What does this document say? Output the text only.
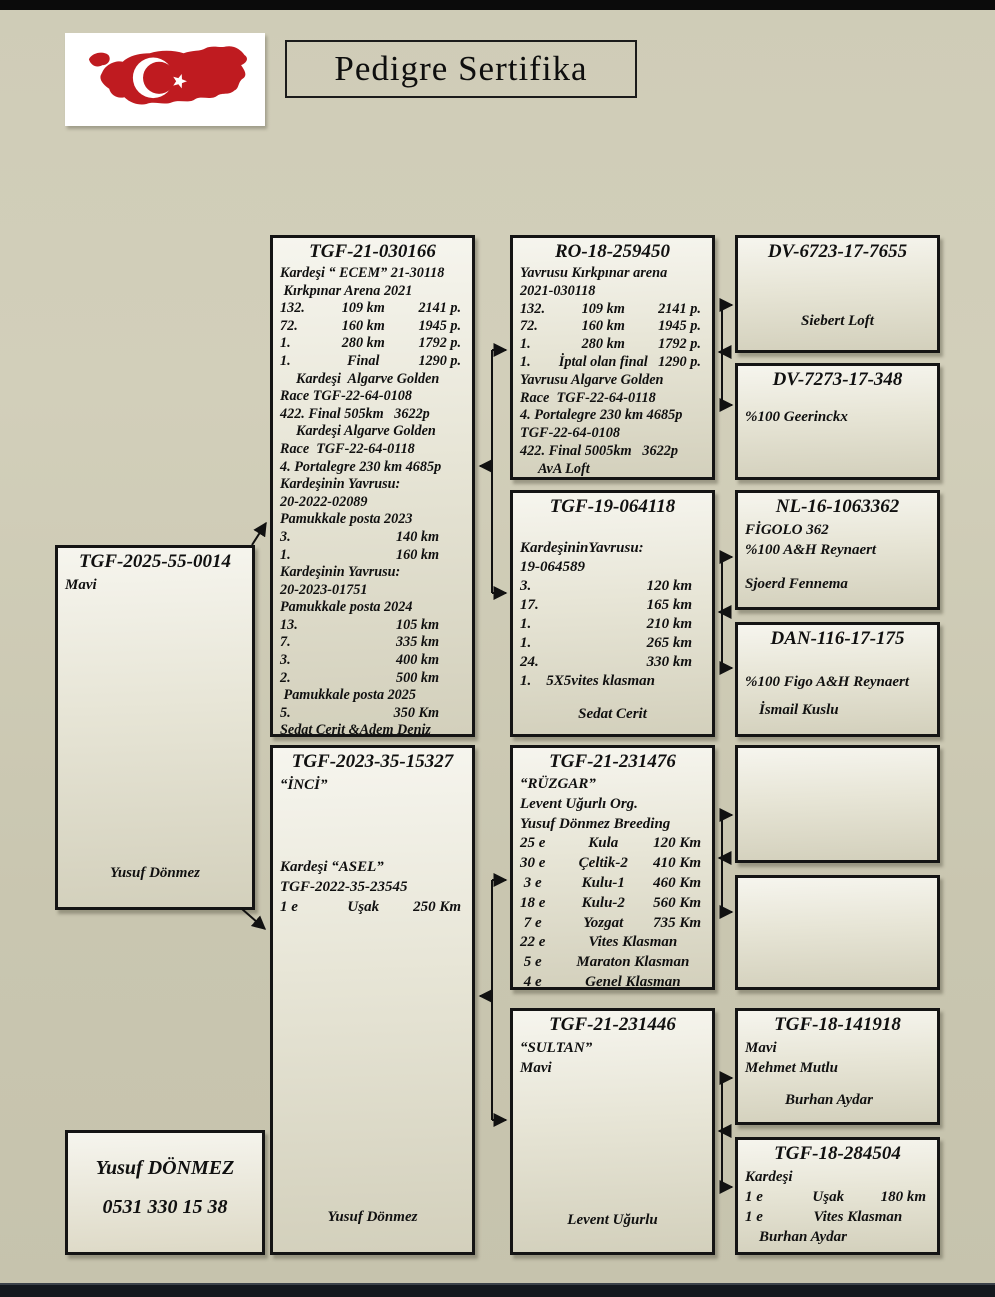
Pedigre Sertifika
TGF-2025-55-0014
Mavi
Yusuf Dönmez
TGF-21-030166
Kardeşi “ ECEM” 21-30118
Kırkpınar Arena 2021
132.	109 km	2141 p.
72.	160 km	1945 p.
1.	280 km	1792 p.
1.	Final	1290 p.
Kardeşi  Algarve Golden
Race TGF-22-64-0108
422. Final 505km   3622p
Kardeşi Algarve Golden
Race  TGF-22-64-0118
4. Portalegre 230 km 4685p
Kardeşinin Yavrusu:
20-2022-02089
Pamukkale posta 2023
3.	140 km
1.	160 km
Kardeşinin Yavrusu:
20-2023-01751
Pamukkale posta 2024
13.	105 km
7.	335 km
3.	400 km
2.	500 km
Pamukkale posta 2025
5.	350 Km
Sedat Cerit &Adem Deniz
TGF-2023-35-15327
“İNCİ”
Kardeşi “ASEL”
TGF-2022-35-23545
1 e	Uşak	250 Km
Yusuf Dönmez
RO-18-259450
Yavrusu Kırkpınar arena
2021-030118
132.	109 km	2141 p.
72.	160 km	1945 p.
1.	280 km	1792 p.
1.	İptal olan final 1290 p.
Yavrusu Algarve Golden
Race  TGF-22-64-0118
4. Portalegre 230 km 4685p
TGF-22-64-0108
422. Final 5005km   3622p
AvA Loft
TGF-19-064118

KardeşininYavrusu:
19-064589
3.	120 km
17.	165 km
1.	210 km
1.	265 km
24.	330 km
1.    5X5vites klasman
Sedat Cerit
TGF-21-231476
“RÜZGAR”
Levent Uğurlı Org.
Yusuf Dönmez Breeding
25 e	Kula	120 Km
30 e	Çeltik-2	410 Km
3 e	Kulu-1	460 Km
18 e	Kulu-2	560 Km
7 e	Yozgat	735 Km
22 e	Vites Klasman
5 e	Maraton Klasman
4 e	Genel Klasman
TGF-21-231446
“SULTAN”
Mavi
Levent Uğurlu
DV-6723-17-7655
Siebert Loft
DV-7273-17-348
%100 Geerinckx
NL-16-1063362
FİGOLO 362
%100 A&H Reynaert
Sjoerd Fennema
DAN-116-17-175
%100 Figo A&H Reynaert
İsmail Kuslu
TGF-18-141918
Mavi
Mehmet Mutlu
Burhan Aydar
TGF-18-284504
Kardeşi
1 e	Uşak	180 km
1 e	Vites Klasman
Burhan Aydar
Yusuf DÖNMEZ
0531 330 15 38
